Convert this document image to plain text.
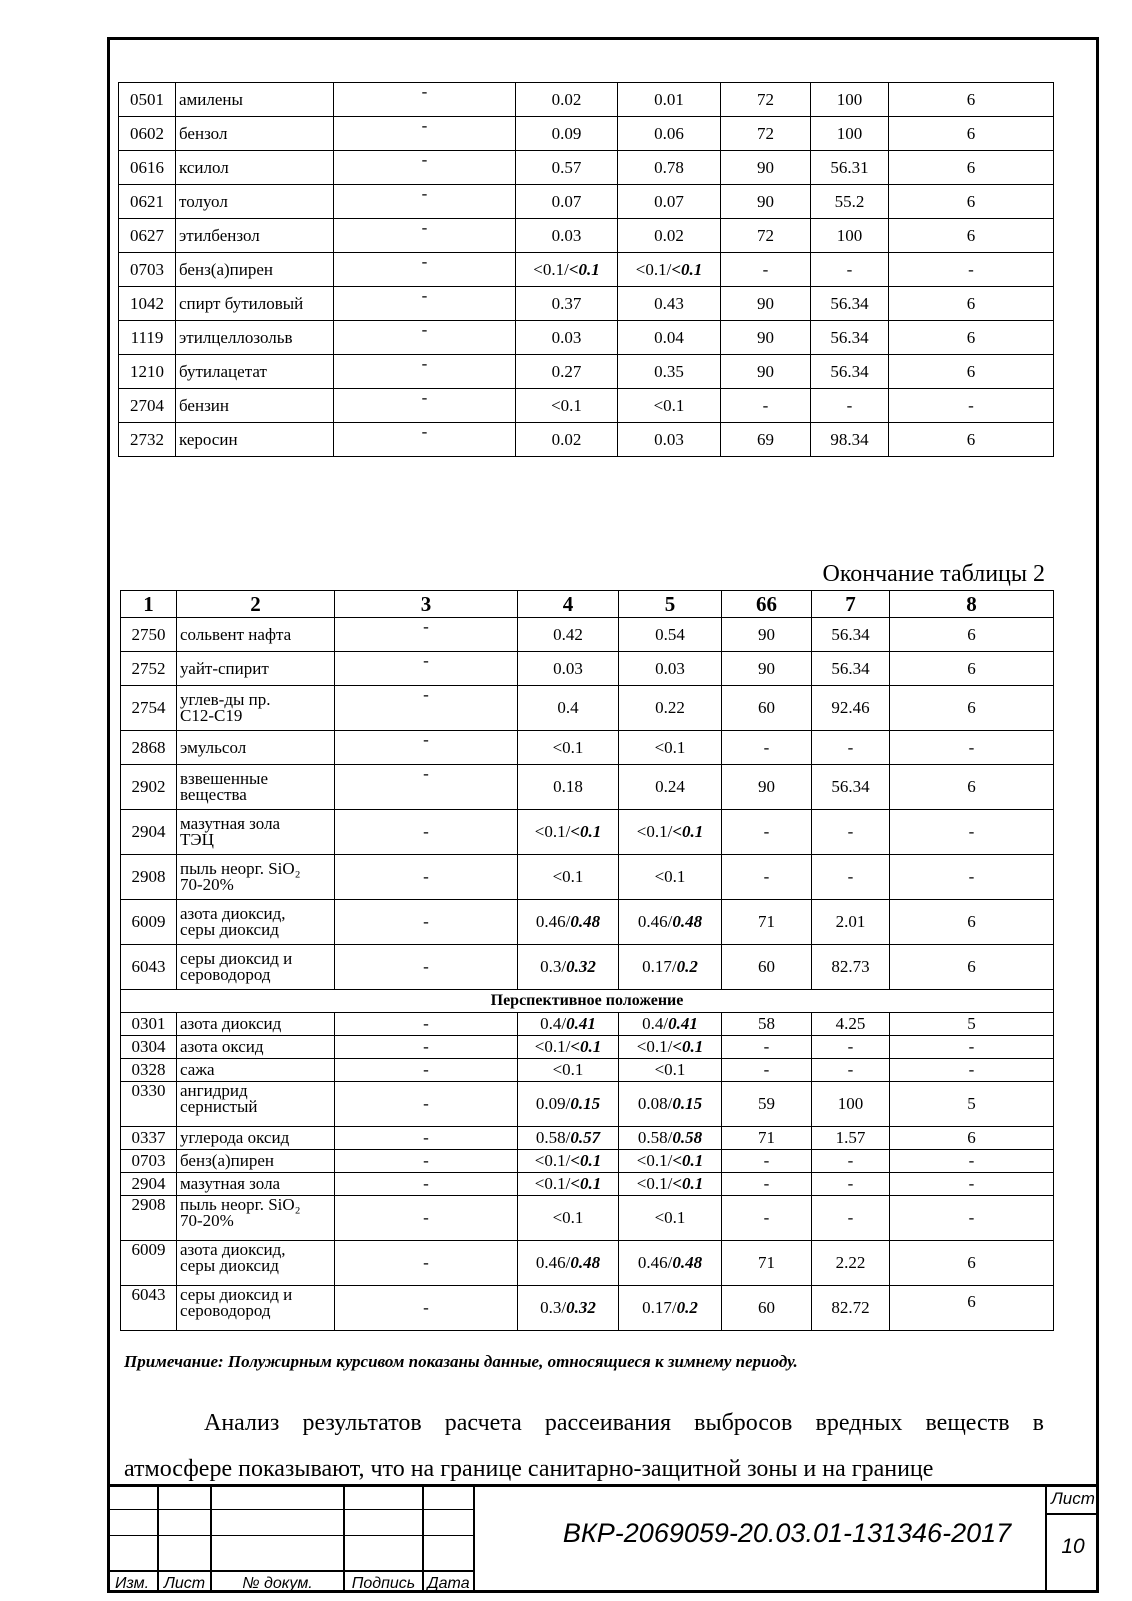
0501	амилены	-	0.02	0.01	72	100	6
0602	бензол	-	0.09	0.06	72	100	6
0616	ксилол	-	0.57	0.78	90	56.31	6
0621	толуол	-	0.07	0.07	90	55.2	6
0627	этилбензол	-	0.03	0.02	72	100	6
0703	бенз(а)пирен	-	<0.1/<0.1	<0.1/<0.1	-	-	-
1042	спирт бутиловый	-	0.37	0.43	90	56.34	6
1119	этилцеллозольв	-	0.03	0.04	90	56.34	6
1210	бутилацетат	-	0.27	0.35	90	56.34	6
2704	бензин	-	<0.1	<0.1	-	-	-
2732	керосин	-	0.02	0.03	69	98.34	6
Окончание таблицы 2
1	2	3	4	5	66	7	8
2750	сольвент нафта	-	0.42	0.54	90	56.34	6
2752	уайт-спирит	-	0.03	0.03	90	56.34	6
2754	углев-ды пр.
С12-С19	-	0.4	0.22	60	92.46	6
2868	эмульсол	-	<0.1	<0.1	-	-	-
2902	взвешенные
вещества	-	0.18	0.24	90	56.34	6
2904	мазутная зола
ТЭЦ	-	<0.1/<0.1	<0.1/<0.1	-	-	-
2908	пыль неорг. SiO₂
70-20%	-	<0.1	<0.1	-	-	-
6009	азота диоксид,
серы диоксид	-	0.46/0.48	0.46/0.48	71	2.01	6
6043	серы диоксид и
сероводород	-	0.3/0.32	0.17/0.2	60	82.73	6
Перспективное положение							
0301	азота диоксид	-	0.4/0.41	0.4/0.41	58	4.25	5
0304	азота оксид	-	<0.1/<0.1	<0.1/<0.1	-	-	-
0328	сажа	-	<0.1	<0.1	-	-	-
0330	ангидрид
сернистый	-	0.09/0.15	0.08/0.15	59	100	5
0337	углерода оксид	-	0.58/0.57	0.58/0.58	71	1.57	6
0703	бенз(а)пирен	-	<0.1/<0.1	<0.1/<0.1	-	-	-
2904	мазутная зола	-	<0.1/<0.1	<0.1/<0.1	-	-	-
2908	пыль неорг. SiO₂
70-20%	-	<0.1	<0.1	-	-	-
6009	азота диоксид,
серы диоксид	-	0.46/0.48	0.46/0.48	71	2.22	6
6043	серы диоксид и
сероводород	-	0.3/0.32	0.17/0.2	60	82.72	6
Примечание: Полужирным курсивом показаны данные, относящиеся к зимнему периоду.

Анализ результатов расчета рассеивания выбросов вредных веществ в

атмосфере показывают, что на границе санитарно-защитной зоны и на границе

Изм. Лист	№ докум.	Подпись Дата
ВКР-2069059-20.03.01-131346-2017
Лист
10
